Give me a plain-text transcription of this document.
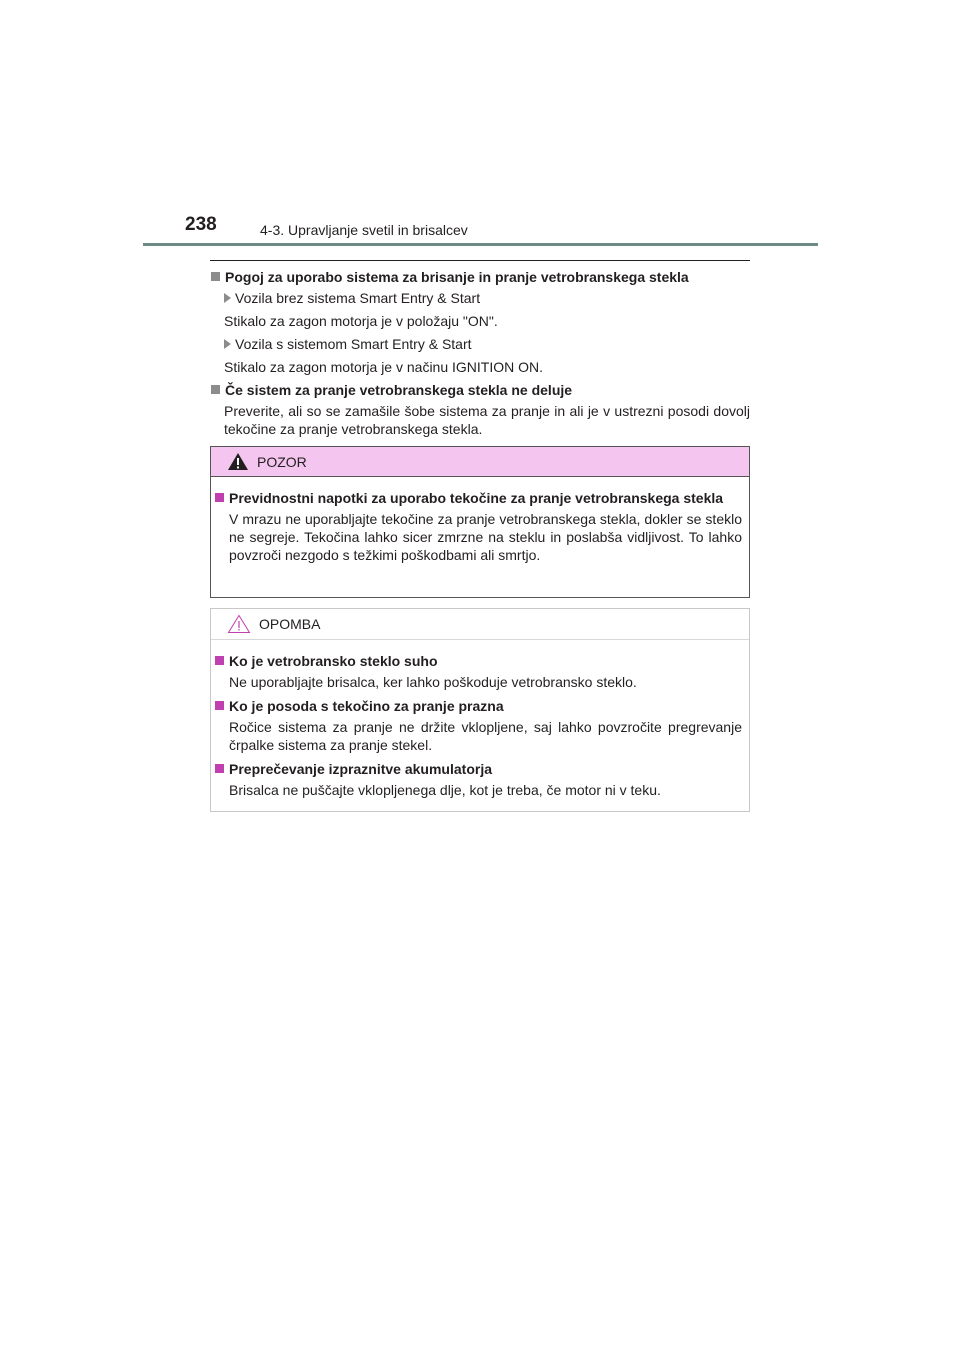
238	4-3. Upravljanje svetil in brisalcev
Pogoj za uporabo sistema za brisanje in pranje vetrobranskega stekla
Vozila brez sistema Smart Entry & Start
Stikalo za zagon motorja je v položaju "ON".
Vozila s sistemom Smart Entry & Start
Stikalo za zagon motorja je v načinu IGNITION ON.
Če sistem za pranje vetrobranskega stekla ne deluje
Preverite, ali so se zamašile šobe sistema za pranje in ali je v ustrezni posodi dovolj tekočine za pranje vetrobranskega stekla.
POZOR
Previdnostni napotki za uporabo tekočine za pranje vetrobranskega stekla
V mrazu ne uporabljajte tekočine za pranje vetrobranskega stekla, dokler se steklo ne segreje. Tekočina lahko sicer zmrzne na steklu in poslabša vidljivost. To lahko povzroči nezgodo s težkimi poškodbami ali smrtjo.
OPOMBA
Ko je vetrobransko steklo suho
Ne uporabljajte brisalca, ker lahko poškoduje vetrobransko steklo.
Ko je posoda s tekočino za pranje prazna
Ročice sistema za pranje ne držite vklopljene, saj lahko povzročite pregrevanje črpalke sistema za pranje stekel.
Preprečevanje izpraznitve akumulatorja
Brisalca ne puščajte vklopljenega dlje, kot je treba, če motor ni v teku.
